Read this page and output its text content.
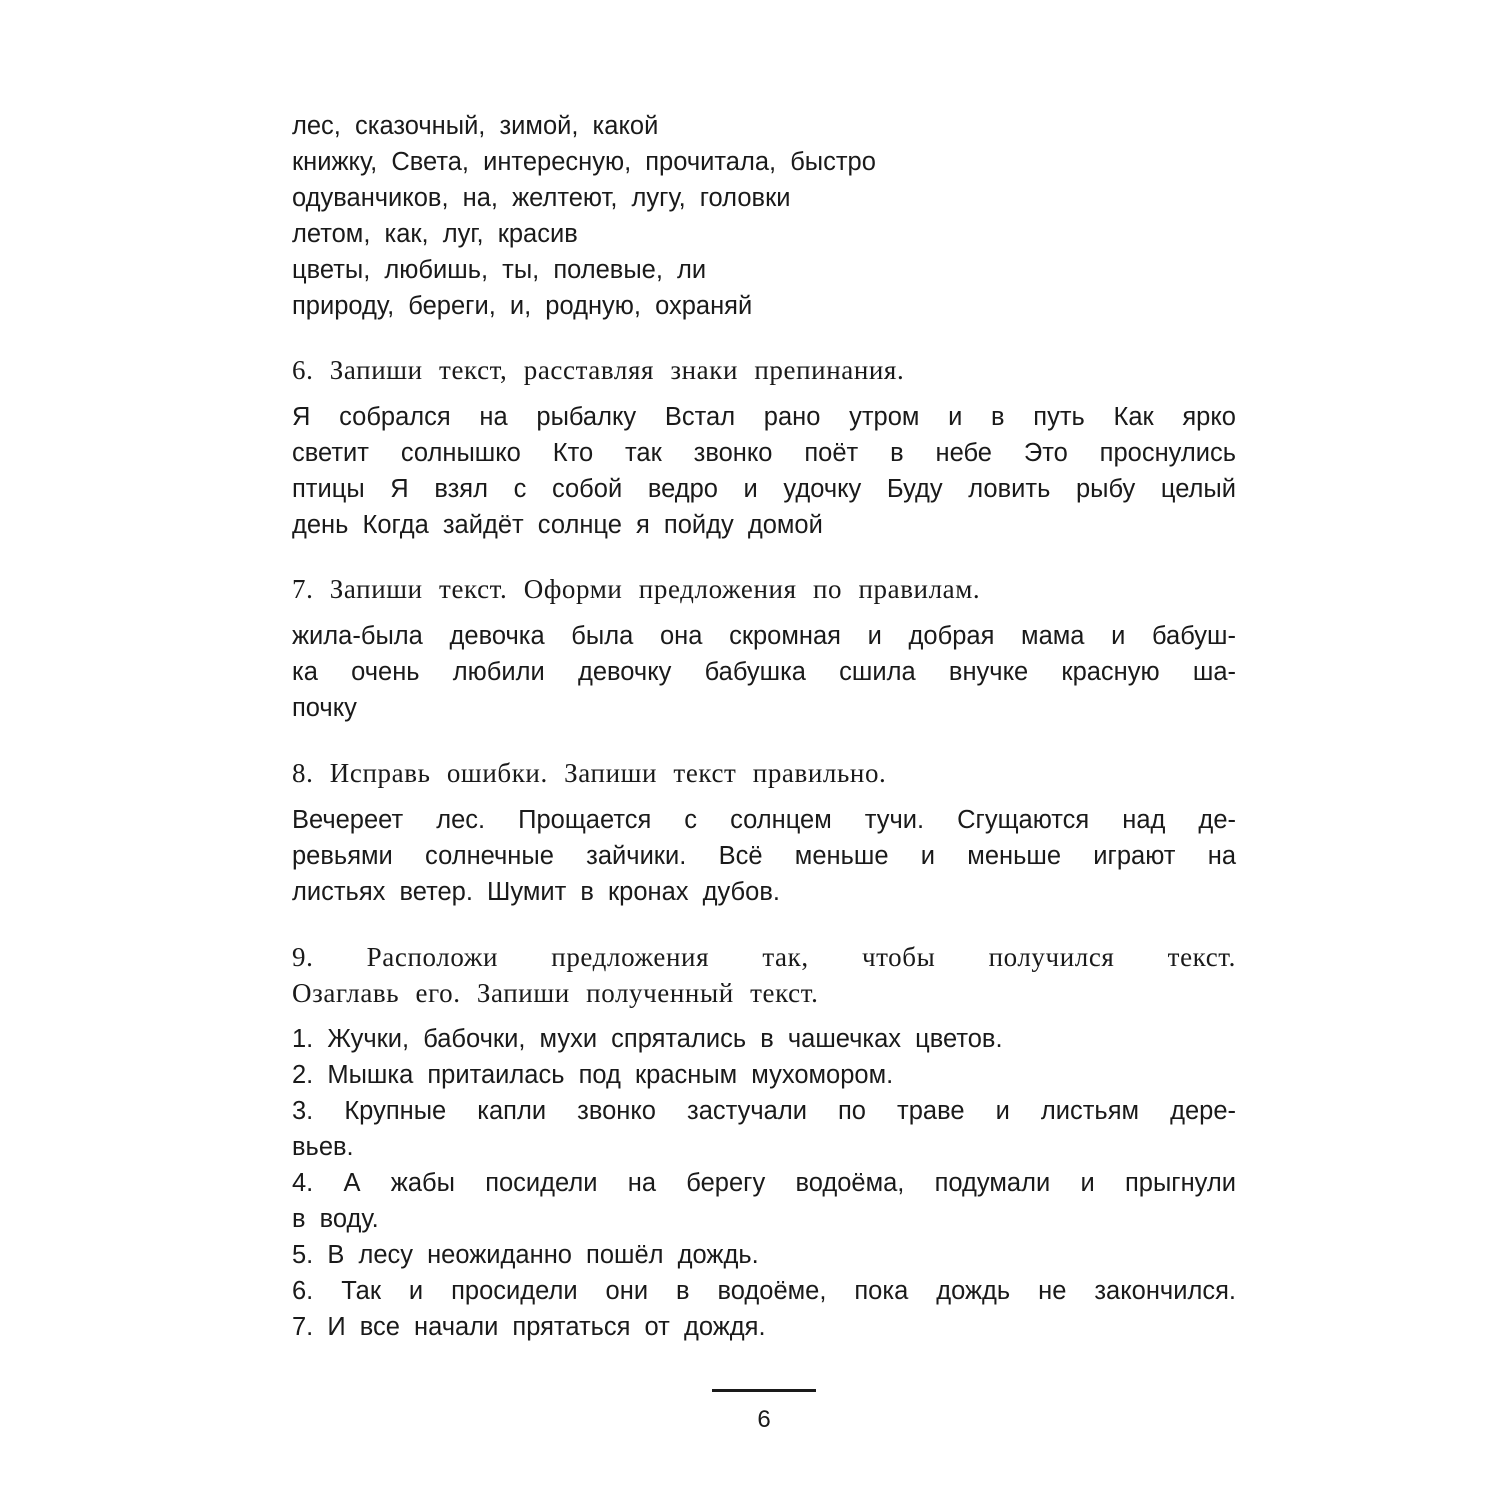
лес, сказочный, зимой, какой
книжку, Света, интересную, прочитала, быстро
одуванчиков, на, желтеют, лугу, головки
летом, как, луг, красив
цветы, любишь, ты, полевые, ли
природу, береги, и, родную, охраняй
6. Запиши текст, расставляя знаки препинания.
Я собрался на рыбалку Встал рано утром и в путь Как ярко
светит солнышко Кто так звонко поёт в небе Это проснулись
птицы Я взял с собой ведро и удочку Буду ловить рыбу целый
день Когда зайдёт солнце я пойду домой
7. Запиши текст. Оформи предложения по правилам.
жила-была девочка была она скромная и добрая мама и бабуш-
ка очень любили девочку бабушка сшила внучке красную ша-
почку
8. Исправь ошибки. Запиши текст правильно.
Вечереет лес. Прощается с солнцем тучи. Сгущаются над де-
ревьями солнечные зайчики. Всё меньше и меньше играют на
листьях ветер. Шумит в кронах дубов.
9. Расположи предложения так, чтобы получился текст.
Озаглавь его. Запиши полученный текст.
1. Жучки, бабочки, мухи спрятались в чашечках цветов.
2. Мышка притаилась под красным мухомором.
3. Крупные капли звонко застучали по траве и листьям дере-
вьев.
4. А жабы посидели на берегу водоёма, подумали и прыгнули
в воду.
5. В лесу неожиданно пошёл дождь.
6. Так и просидели они в водоёме, пока дождь не закончился.
7. И все начали прятаться от дождя.
6
